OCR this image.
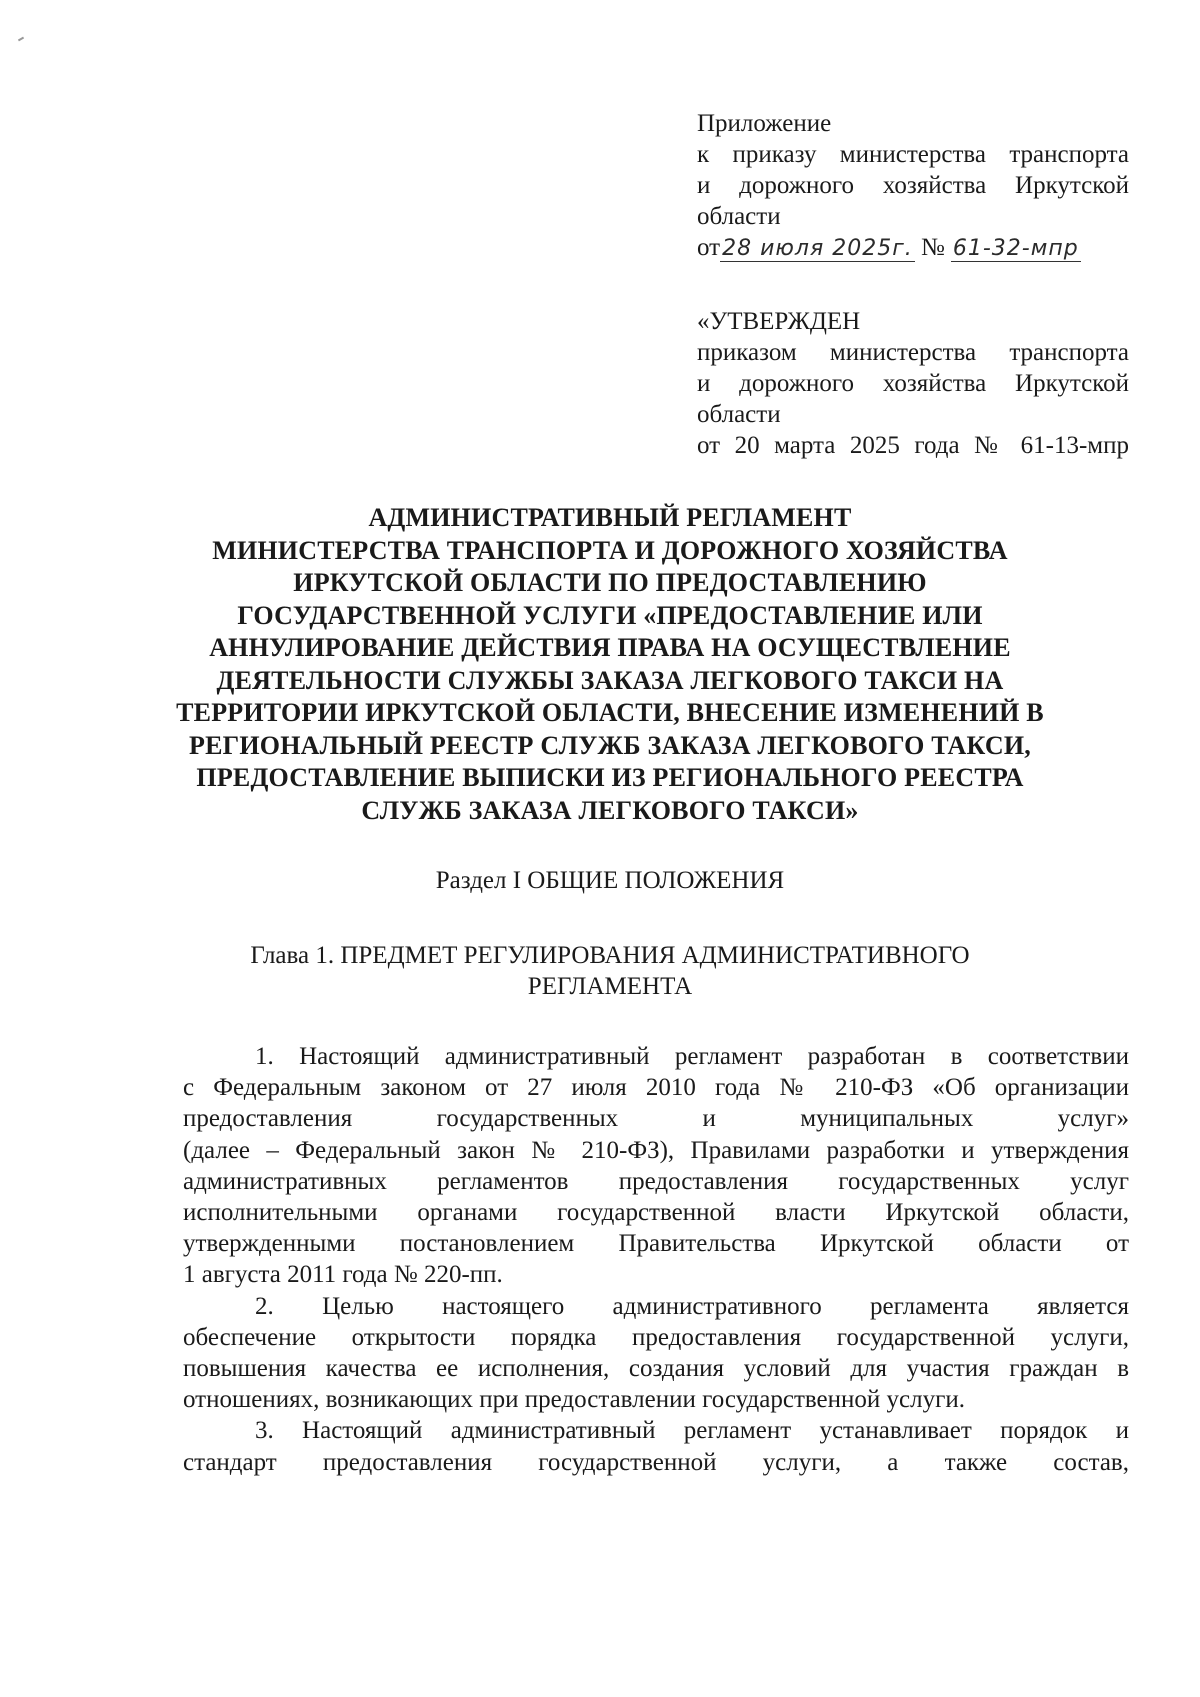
Приложение
к приказу министерства транспорта
и дорожного хозяйства Иркутской
области
от28 июля 2025г. № 61-32-мпр
«УТВЕРЖДЕН
приказом министерства транспорта
и дорожного хозяйства Иркутской
области
от 20 марта 2025 года № 61-13-мпр
АДМИНИСТРАТИВНЫЙ РЕГЛАМЕНТ
МИНИСТЕРСТВА ТРАНСПОРТА И ДОРОЖНОГО ХОЗЯЙСТВА
ИРКУТСКОЙ ОБЛАСТИ ПО ПРЕДОСТАВЛЕНИЮ
ГОСУДАРСТВЕННОЙ УСЛУГИ «ПРЕДОСТАВЛЕНИЕ ИЛИ
АННУЛИРОВАНИЕ ДЕЙСТВИЯ ПРАВА НА ОСУЩЕСТВЛЕНИЕ
ДЕЯТЕЛЬНОСТИ СЛУЖБЫ ЗАКАЗА ЛЕГКОВОГО ТАКСИ НА
ТЕРРИТОРИИ ИРКУТСКОЙ ОБЛАСТИ, ВНЕСЕНИЕ ИЗМЕНЕНИЙ В
РЕГИОНАЛЬНЫЙ РЕЕСТР СЛУЖБ ЗАКАЗА ЛЕГКОВОГО ТАКСИ,
ПРЕДОСТАВЛЕНИЕ ВЫПИСКИ ИЗ РЕГИОНАЛЬНОГО РЕЕСТРА
СЛУЖБ ЗАКАЗА ЛЕГКОВОГО ТАКСИ»
Раздел I ОБЩИЕ ПОЛОЖЕНИЯ
Глава 1. ПРЕДМЕТ РЕГУЛИРОВАНИЯ АДМИНИСТРАТИВНОГО
РЕГЛАМЕНТА
1. Настоящий административный регламент разработан в соответствии
с Федеральным законом от 27 июля 2010 года № 210-ФЗ «Об организации
предоставления государственных и муниципальных услуг»
(далее – Федеральный закон № 210-ФЗ), Правилами разработки и утверждения
административных регламентов предоставления государственных услуг
исполнительными органами государственной власти Иркутской области,
утвержденными постановлением Правительства Иркутской области от
1 августа 2011 года № 220-пп.
2. Целью настоящего административного регламента является
обеспечение открытости порядка предоставления государственной услуги,
повышения качества ее исполнения, создания условий для участия граждан в
отношениях, возникающих при предоставлении государственной услуги.
3. Настоящий административный регламент устанавливает порядок и
стандарт предоставления государственной услуги, а также состав,
